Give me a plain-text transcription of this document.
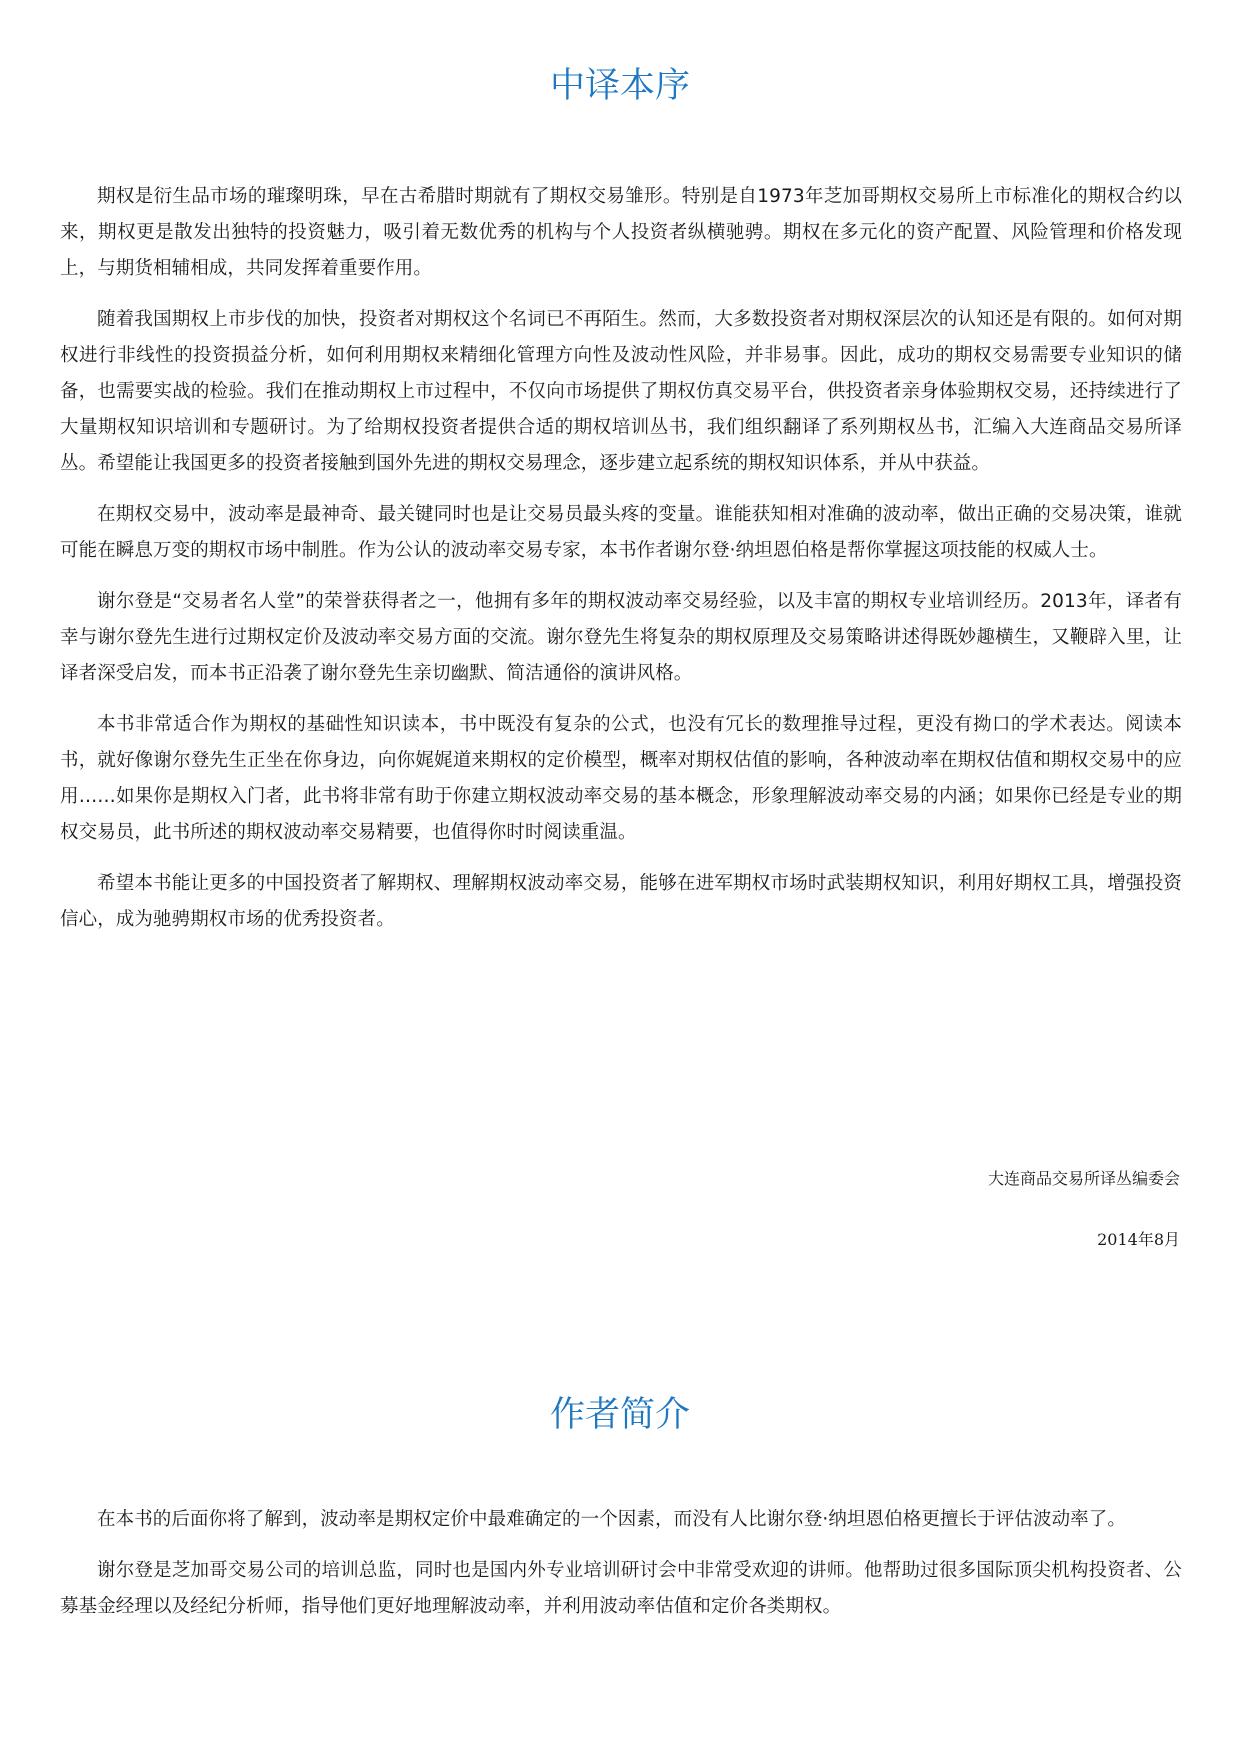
中译本序

期权是衍生品市场的璀璨明珠，早在古希腊时期就有了期权交易雏形。特别是自1973年芝加哥期权交易所上市标准化的期权合约以来，期权更是散发出独特的投资魅力，吸引着无数优秀的机构与个人投资者纵横驰骋。期权在多元化的资产配置、风险管理和价格发现上，与期货相辅相成，共同发挥着重要作用。

随着我国期权上市步伐的加快，投资者对期权这个名词已不再陌生。然而，大多数投资者对期权深层次的认知还是有限的。如何对期权进行非线性的投资损益分析，如何利用期权来精细化管理方向性及波动性风险，并非易事。因此，成功的期权交易需要专业知识的储备，也需要实战的检验。我们在推动期权上市过程中，不仅向市场提供了期权仿真交易平台，供投资者亲身体验期权交易，还持续进行了大量期权知识培训和专题研讨。为了给期权投资者提供合适的期权培训丛书，我们组织翻译了系列期权丛书，汇编入大连商品交易所译丛。希望能让我国更多的投资者接触到国外先进的期权交易理念，逐步建立起系统的期权知识体系，并从中获益。

在期权交易中，波动率是最神奇、最关键同时也是让交易员最头疼的变量。谁能获知相对准确的波动率，做出正确的交易决策，谁就可能在瞬息万变的期权市场中制胜。作为公认的波动率交易专家，本书作者谢尔登·纳坦恩伯格是帮你掌握这项技能的权威人士。

谢尔登是“交易者名人堂”的荣誉获得者之一，他拥有多年的期权波动率交易经验，以及丰富的期权专业培训经历。2013年，译者有幸与谢尔登先生进行过期权定价及波动率交易方面的交流。谢尔登先生将复杂的期权原理及交易策略讲述得既妙趣横生，又鞭辟入里，让译者深受启发，而本书正沿袭了谢尔登先生亲切幽默、简洁通俗的演讲风格。

本书非常适合作为期权的基础性知识读本，书中既没有复杂的公式，也没有冗长的数理推导过程，更没有拗口的学术表达。阅读本书，就好像谢尔登先生正坐在你身边，向你娓娓道来期权的定价模型，概率对期权估值的影响，各种波动率在期权估值和期权交易中的应用……如果你是期权入门者，此书将非常有助于你建立期权波动率交易的基本概念，形象理解波动率交易的内涵；如果你已经是专业的期权交易员，此书所述的期权波动率交易精要，也值得你时时阅读重温。

希望本书能让更多的中国投资者了解期权、理解期权波动率交易，能够在进军期权市场时武装期权知识，利用好期权工具，增强投资信心，成为驰骋期权市场的优秀投资者。

大连商品交易所译丛编委会
2014年8月
作者简介

在本书的后面你将了解到，波动率是期权定价中最难确定的一个因素，而没有人比谢尔登·纳坦恩伯格更擅长于评估波动率了。

谢尔登是芝加哥交易公司的培训总监，同时也是国内外专业培训研讨会中非常受欢迎的讲师。他帮助过很多国际顶尖机构投资者、公募基金经理以及经纪分析师，指导他们更好地理解波动率，并利用波动率估值和定价各类期权。
